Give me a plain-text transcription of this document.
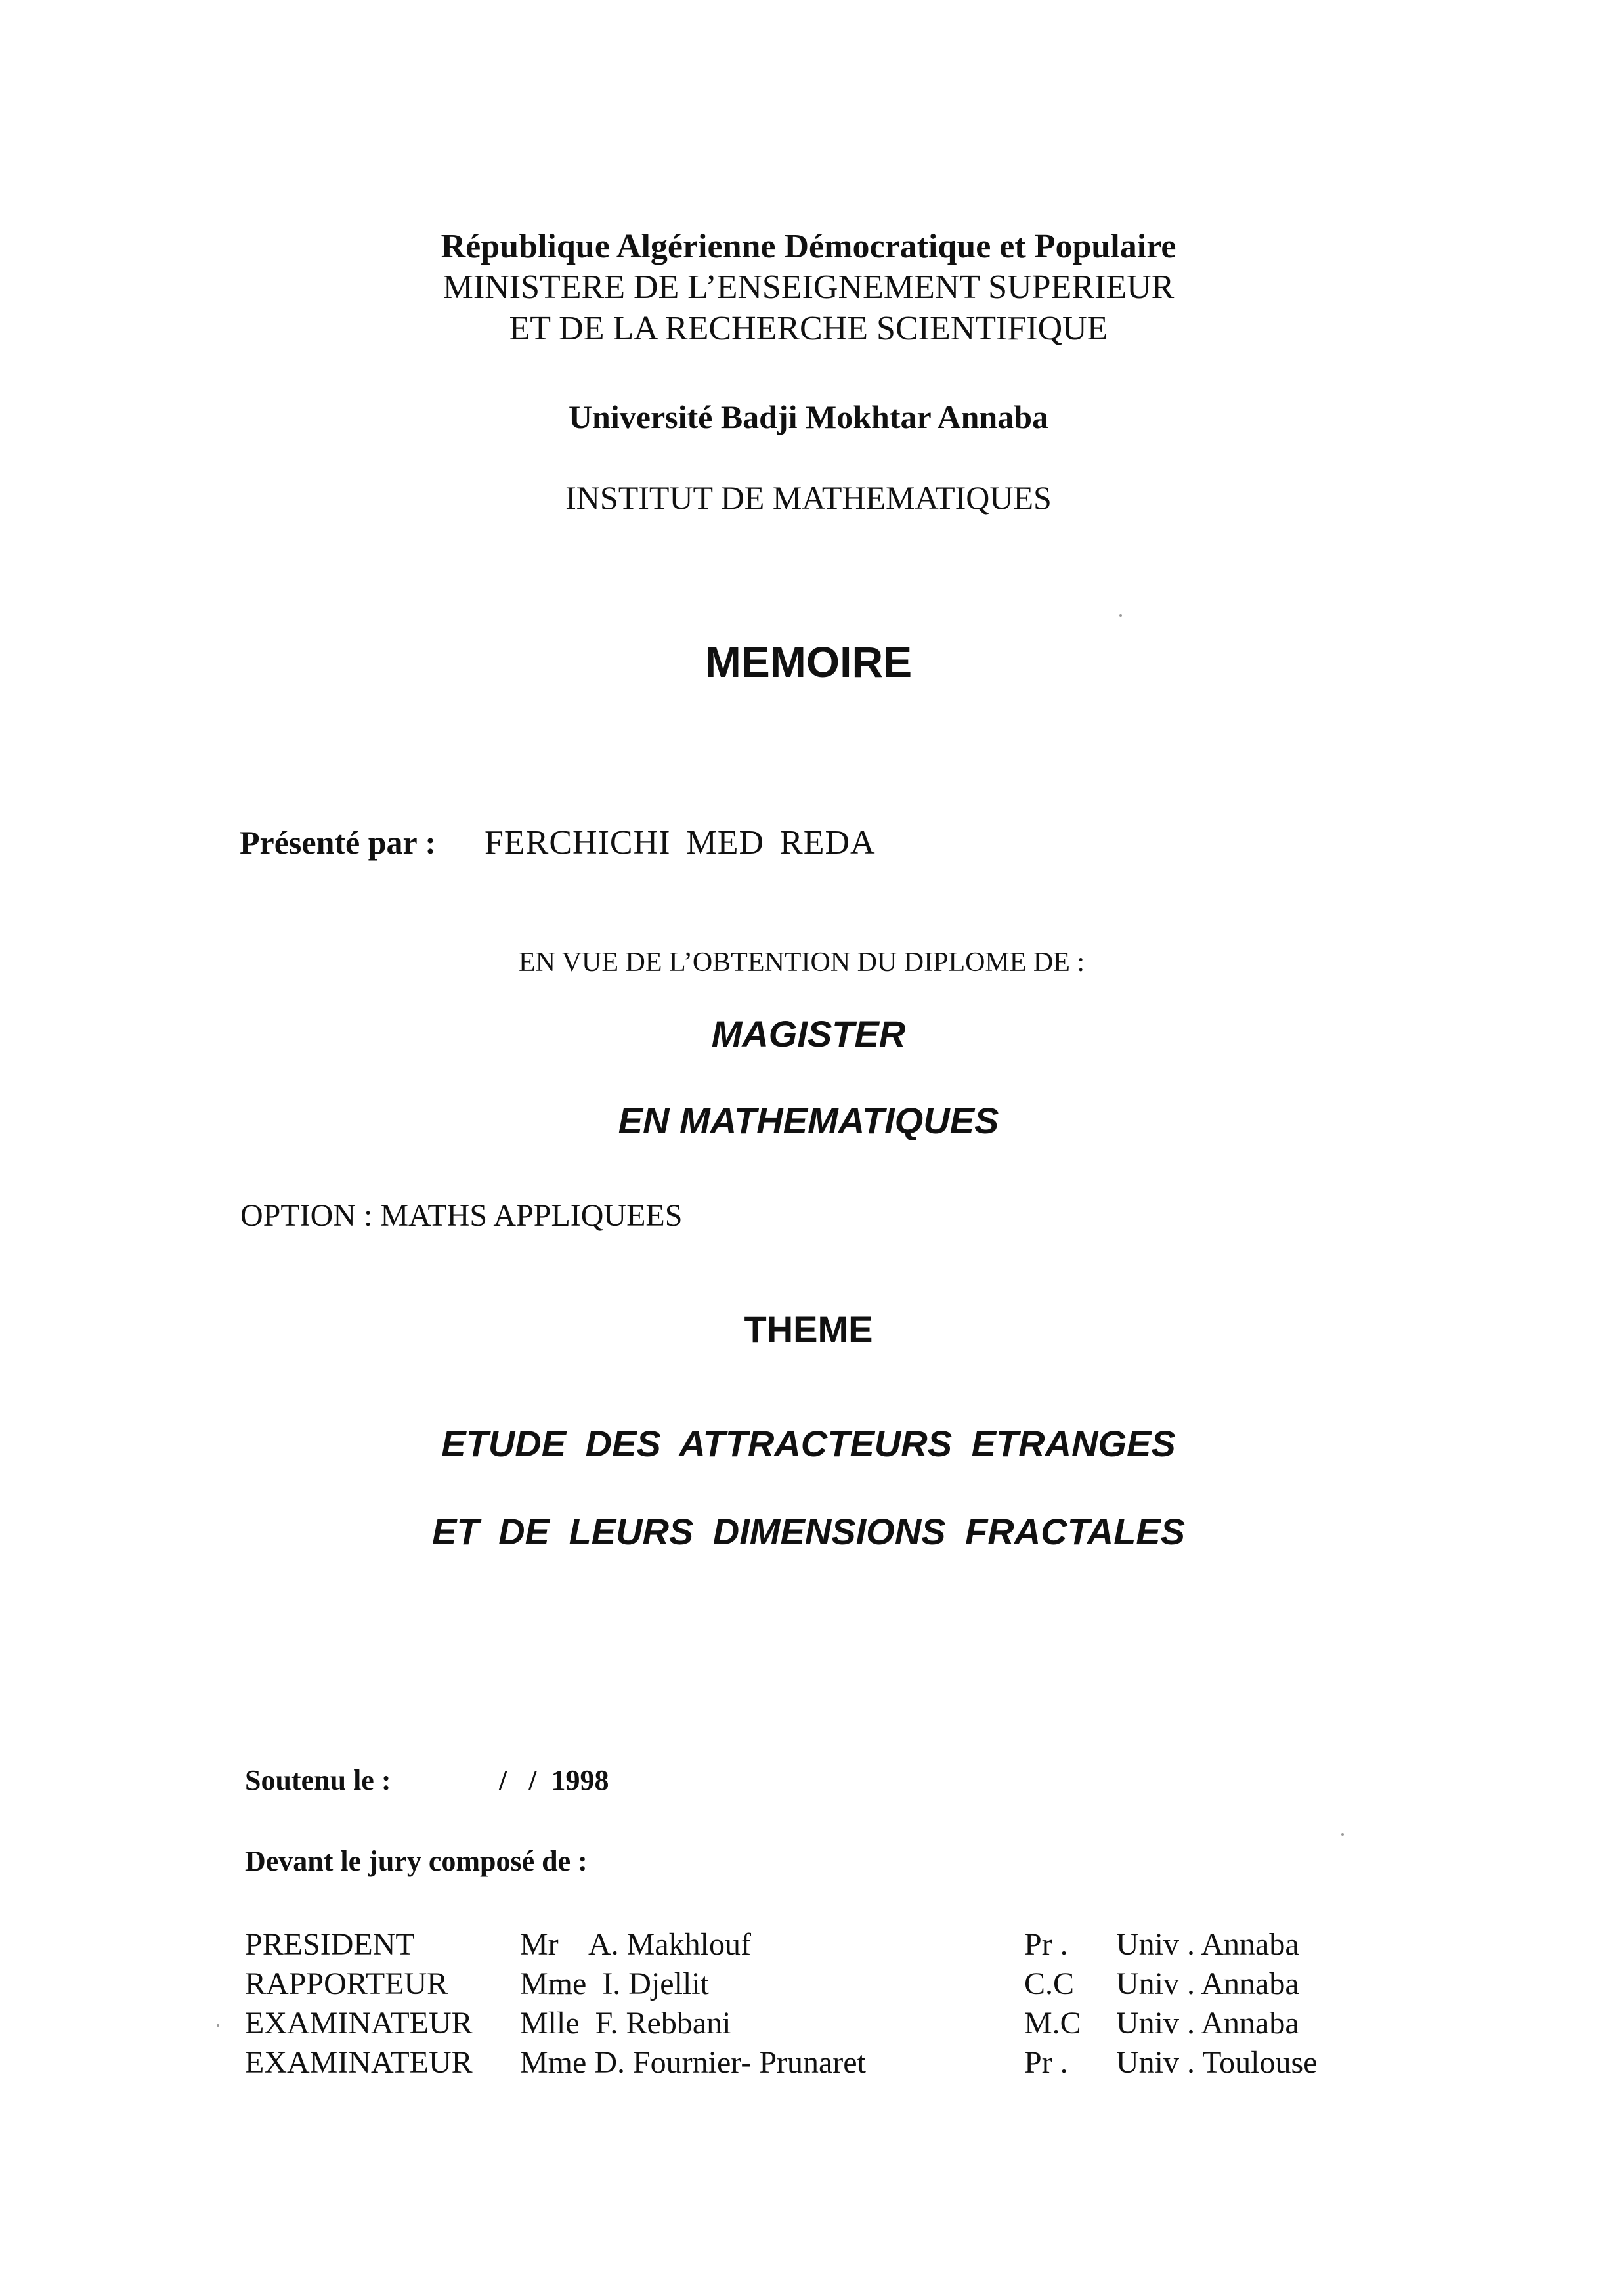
République Algérienne Démocratique et Populaire
MINISTERE DE L’ENSEIGNEMENT SUPERIEUR
ET DE LA RECHERCHE SCIENTIFIQUE
Université Badji Mokhtar Annaba
INSTITUT DE MATHEMATIQUES
MEMOIRE
Présenté par : FERCHICHI MED REDA
EN VUE DE L’OBTENTION DU DIPLOME DE :
MAGISTER
EN MATHEMATIQUES
OPTION : MATHS APPLIQUEES
THEME
ETUDE DES ATTRACTEURS ETRANGES
ET DE LEURS DIMENSIONS FRACTALES
Soutenu le :	/   /  1998
Devant le jury composé de :
PRESIDENT	Mr    A. Makhlouf	Pr . Univ . Annaba
RAPPORTEUR Mme  I. Djellit	C.C Univ . Annaba
EXAMINATEUR Mlle  F. Rebbani	M.C Univ . Annaba
EXAMINATEUR Mme D. Fournier- Prunaret	Pr . Univ . Toulouse
